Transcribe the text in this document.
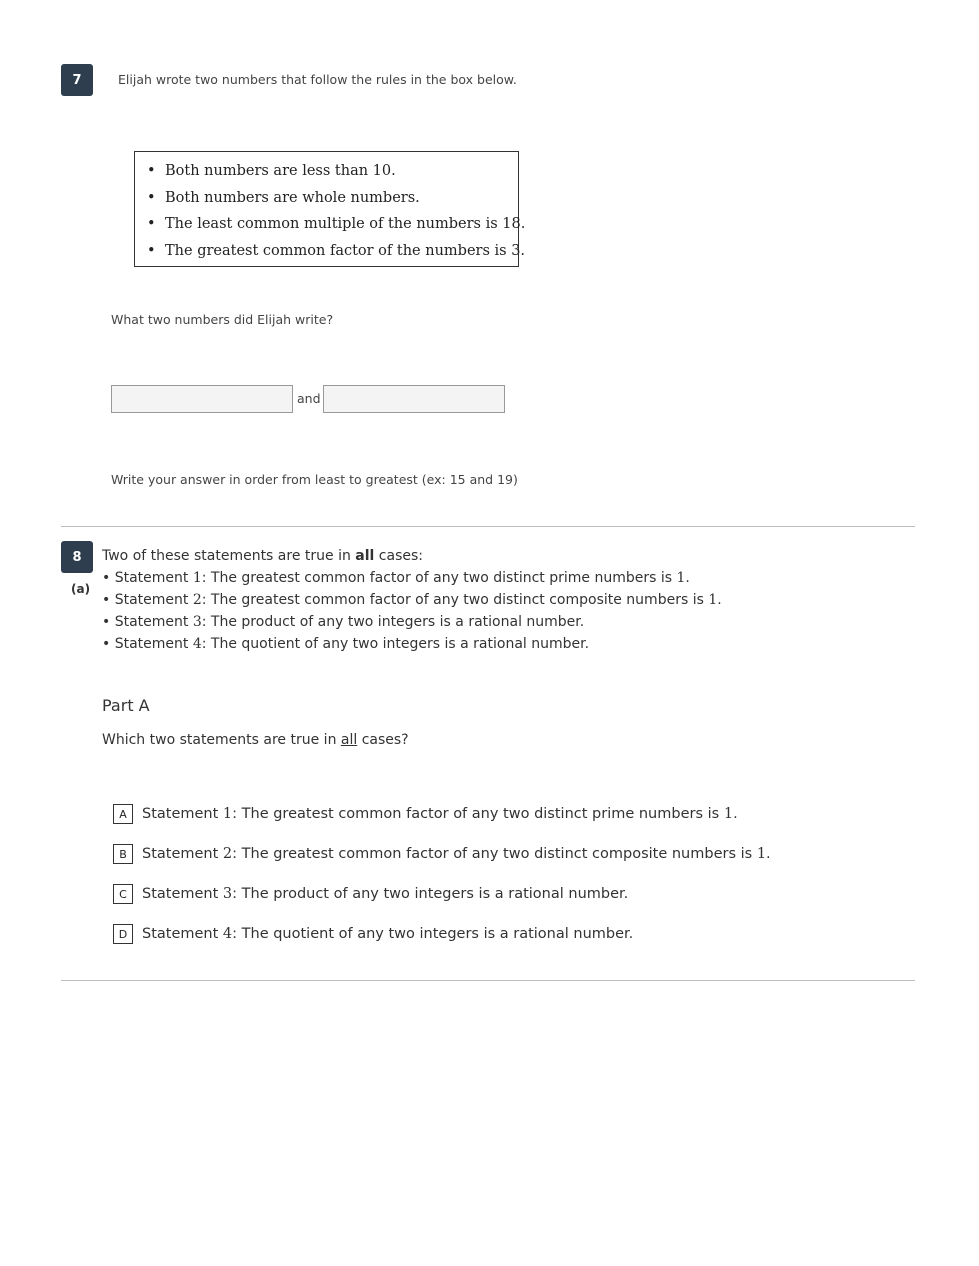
7	Elijah wrote two numbers that follow the rules in the box below.
• Both numbers are less than 10.
• Both numbers are whole numbers.
• The least common multiple of the numbers is 18.
• The greatest common factor of the numbers is 3.
What two numbers did Elijah write?
and
Write your answer in order from least to greatest (ex: 15 and 19)
8
(a)
Two of these statements are true in all cases:
• Statement 1: The greatest common factor of any two distinct prime numbers is 1.
• Statement 2: The greatest common factor of any two distinct composite numbers is 1.
• Statement 3: The product of any two integers is a rational number.
• Statement 4: The quotient of any two integers is a rational number.
Part A
Which two statements are true in all cases?
A	Statement 1: The greatest common factor of any two distinct prime numbers is 1.
B	Statement 2: The greatest common factor of any two distinct composite numbers is 1.
C	Statement 3: The product of any two integers is a rational number.
D	Statement 4: The quotient of any two integers is a rational number.
